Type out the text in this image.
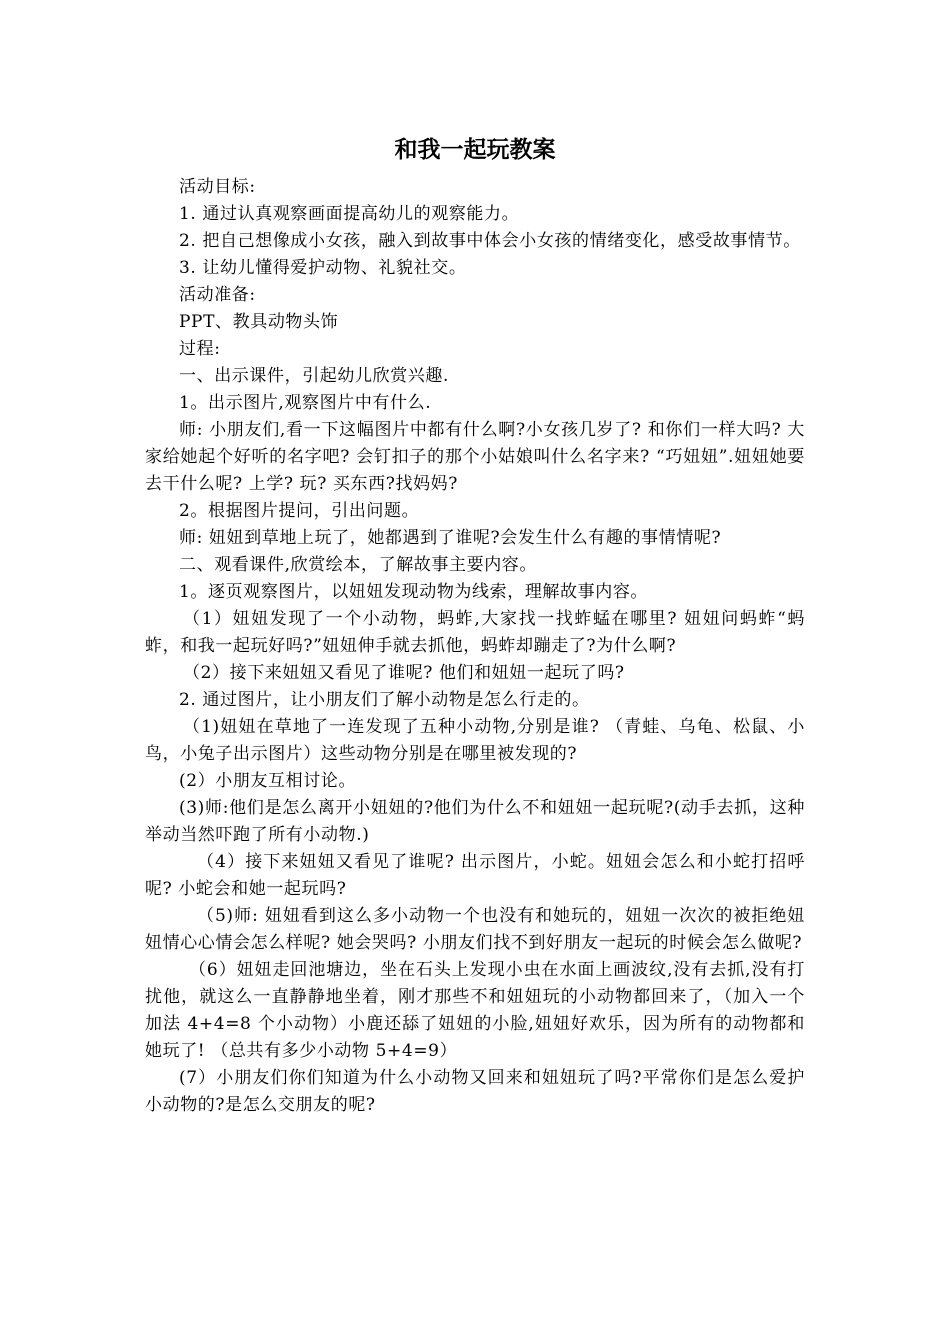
和我一起玩教案

活动目标:

1. 通过认真观察画面提高幼儿的观察能力。

2. 把自己想像成小女孩，融入到故事中体会小女孩的情绪变化，感受故事情节。

3. 让幼儿懂得爱护动物、礼貌社交。

活动准备:

PPT、教具动物头饰

过程:

一、出示课件，引起幼儿欣赏兴趣.

1。出示图片,观察图片中有什么.

师: 小朋友们,看一下这幅图片中都有什么啊?小女孩几岁了? 和你们一样大吗? 大家给她起个好听的名字吧? 会钉扣子的那个小姑娘叫什么名字来? “巧妞妞”.妞妞她要去干什么呢? 上学? 玩? 买东西?找妈妈?

2。根据图片提问，引出问题。

师: 妞妞到草地上玩了，她都遇到了谁呢?会发生什么有趣的事情情呢?

二、观看课件,欣赏绘本，了解故事主要内容。

1。逐页观察图片，以妞妞发现动物为线索，理解故事内容。

（1）妞妞发现了一个小动物，蚂蚱,大家找一找蚱蜢在哪里? 妞妞问蚂蚱“蚂蚱，和我一起玩好吗?”妞妞伸手就去抓他，蚂蚱却蹦走了?为什么啊?

（2）接下来妞妞又看见了谁呢? 他们和妞妞一起玩了吗?

2. 通过图片，让小朋友们了解小动物是怎么行走的。

（1)妞妞在草地了一连发现了五种小动物,分别是谁? （青蛙、乌龟、松鼠、小鸟，小兔子出示图片）这些动物分别是在哪里被发现的?

(2）小朋友互相讨论。

(3)师:他们是怎么离开小妞妞的?他们为什么不和妞妞一起玩呢?(动手去抓，这种举动当然吓跑了所有小动物.)

（4）接下来妞妞又看见了谁呢? 出示图片，小蛇。妞妞会怎么和小蛇打招呼呢? 小蛇会和她一起玩吗?

（5)师: 妞妞看到这么多小动物一个也没有和她玩的，妞妞一次次的被拒绝妞妞情心心情会怎么样呢? 她会哭吗? 小朋友们找不到好朋友一起玩的时候会怎么做呢?

（6）妞妞走回池塘边，坐在石头上发现小虫在水面上画波纹,没有去抓,没有打扰他，就这么一直静静地坐着，刚才那些不和妞妞玩的小动物都回来了，（加入一个加法 4+4=8 个小动物）小鹿还舔了妞妞的小脸,妞妞好欢乐，因为所有的动物都和她玩了! （总共有多少小动物 5+4=9）

(7）小朋友们你们知道为什么小动物又回来和妞妞玩了吗?平常你们是怎么爱护小动物的?是怎么交朋友的呢?
